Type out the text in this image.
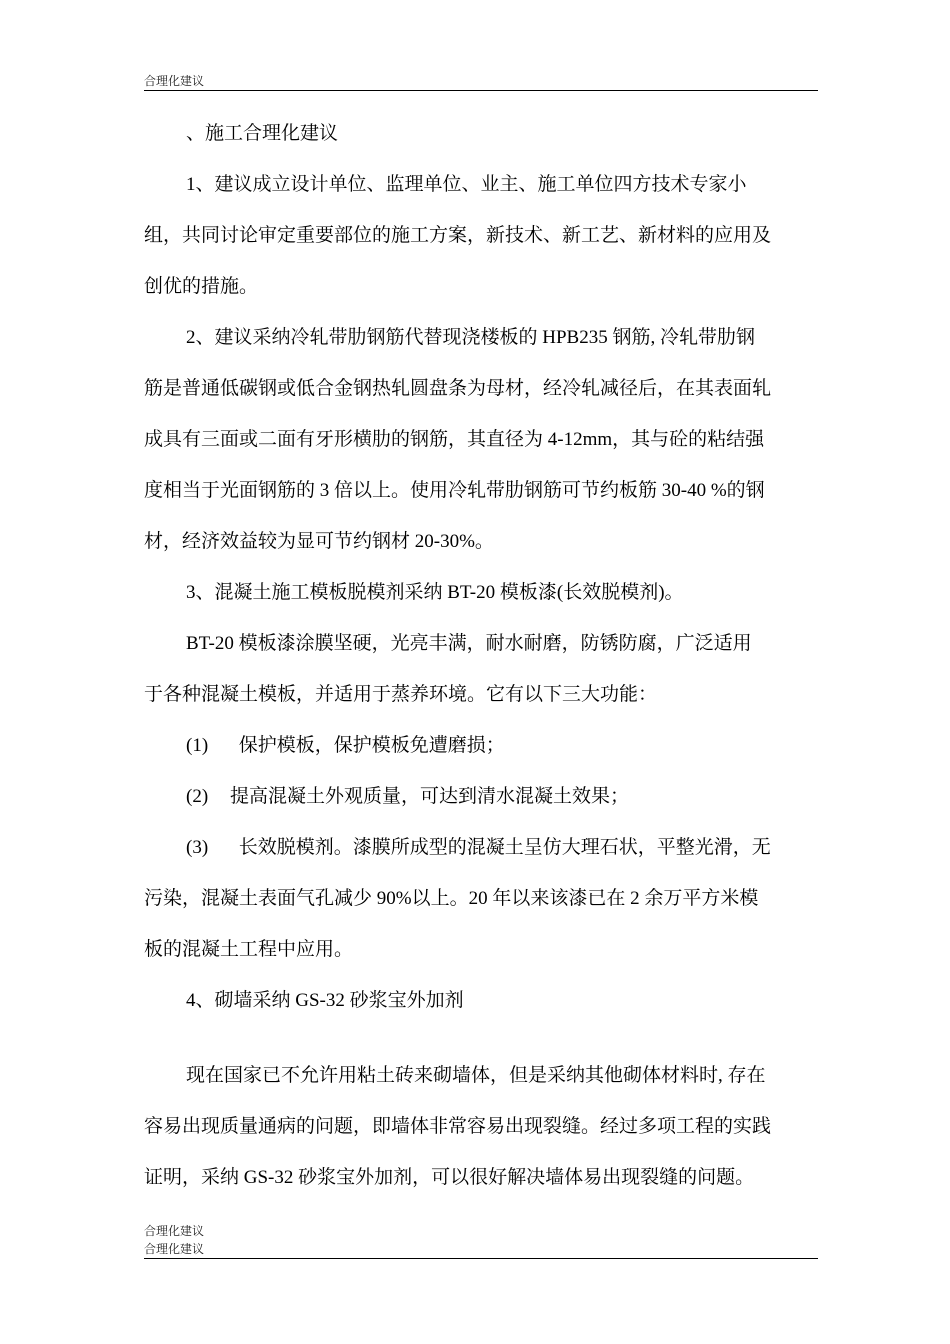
合理化建议

、施工合理化建议

1、建议成立设计单位、监理单位、业主、施工单位四方技术专家小

组，共同讨论审定重要部位的施工方案，新技术、新工艺、新材料的应用及

创优的措施。

2、建议采纳冷轧带肋钢筋代替现浇楼板的 HPB235 钢筋, 冷轧带肋钢

筋是普通低碳钢或低合金钢热轧圆盘条为母材，经冷轧减径后，在其表面轧

成具有三面或二面有牙形横肋的钢筋，其直径为 4-12mm，其与砼的粘结强

度相当于光面钢筋的 3 倍以上。使用冷轧带肋钢筋可节约板筋 30-40 %的钢

材，经济效益较为显可节约钢材 20-30%。

3、混凝土施工模板脱模剂采纳 BT-20 模板漆(长效脱模剂)。

BT-20 模板漆涂膜坚硬，光亮丰满，耐水耐磨，防锈防腐，广泛适用

于各种混凝土模板，并适用于蒸养环境。它有以下三大功能：

(1) 保护模板，保护模板免遭磨损；

(2) 提高混凝土外观质量，可达到清水混凝土效果；

(3) 长效脱模剂。漆膜所成型的混凝土呈仿大理石状，平整光滑，无

污染，混凝土表面气孔减少 90%以上。20 年以来该漆已在 2 余万平方米模

板的混凝土工程中应用。

4、砌墙采纳 GS-32 砂浆宝外加剂

现在国家已不允许用粘土砖来砌墙体，但是采纳其他砌体材料时, 存在

容易出现质量通病的问题，即墙体非常容易出现裂缝。经过多项工程的实践

证明，采纳 GS-32 砂浆宝外加剂，可以很好解决墙体易出现裂缝的问题。

合理化建议
合理化建议
